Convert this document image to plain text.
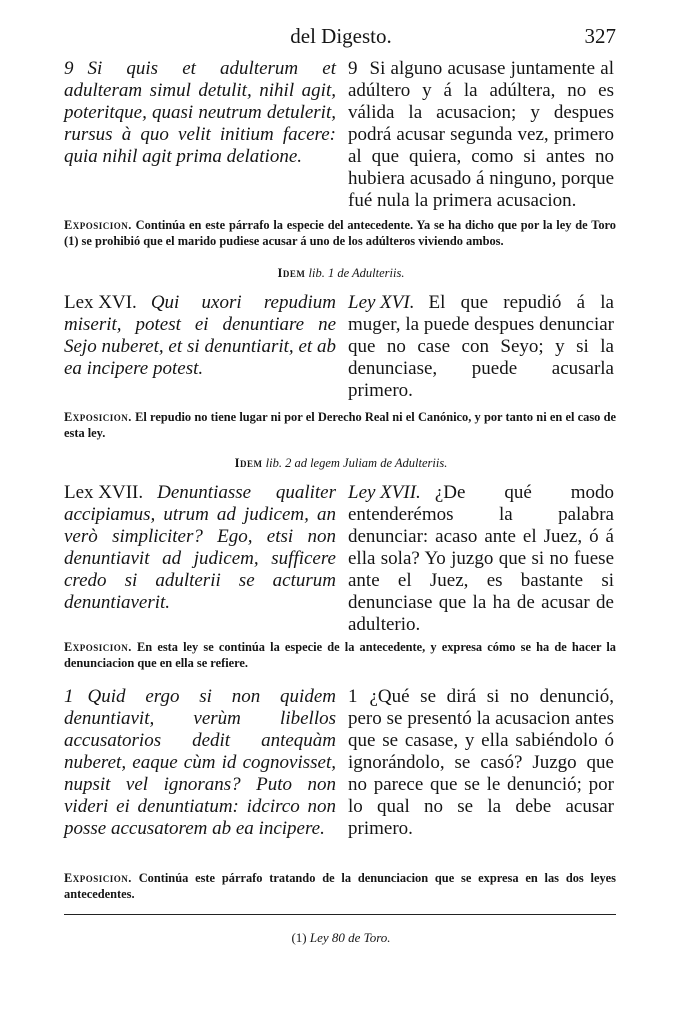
del Digesto.	327
9 Si quis et adulterum et adulteram simul detulit, nihil agit, poteritque, quasi neutrum detulerit, rursus à quo velit initium facere: quia nihil agit prima delatione.
9 Si alguno acusase juntamente al adúltero y á la adúltera, no es válida la acusacion; y despues podrá acusar segunda vez, primero al que quiera, como si antes no hubiera acusado á ninguno, porque fué nula la primera acusacion.
Exposicion. Continúa en este párrafo la especie del antecedente. Ya se ha dicho que por la ley de Toro (1) se prohibió que el marido pudiese acusar á uno de los adúlteros viviendo ambos.
Idem lib. 1 de Adulteriis.
Lex XVI. Qui uxori repudium miserit, potest ei denuntiare ne Sejo nuberet, et si denuntiarit, et ab ea incipere potest.
Ley XVI. El que repudió á la muger, la puede despues denunciar que no case con Seyo; y si la denunciase, puede acusarla primero.
Exposicion. El repudio no tiene lugar ni por el Derecho Real ni el Canónico, y por tanto ni en el caso de esta ley.
Idem lib. 2 ad legem Juliam de Adulteriis.
Lex XVII. Denuntiasse qualiter accipiamus, utrum ad judicem, an verò simpliciter? Ego, etsi non denuntiavit ad judicem, sufficere credo si adulterii se acturum denuntiaverit.
Ley XVII. ¿De qué modo entenderémos la palabra denunciar: acaso ante el Juez, ó á ella sola? Yo juzgo que si no fuese ante el Juez, es bastante si denunciase que la ha de acusar de adulterio.
Exposicion. En esta ley se continúa la especie de la antecedente, y expresa cómo se ha de hacer la denunciacion que en ella se refiere.
1 Quid ergo si non quidem denuntiavit, verùm libellos accusatorios dedit antequàm nuberet, eaque cùm id cognovisset, nupsit vel ignorans? Puto non videri ei denuntiatum: idcirco non posse accusatorem ab ea incipere.
1 ¿Qué se dirá si no denunció, pero se presentó la acusacion antes que se casase, y ella sabiéndolo ó ignorándolo, se casó? Juzgo que no parece que se le denunció; por lo qual no se la debe acusar primero.
Exposicion. Continúa este párrafo tratando de la denunciacion que se expresa en las dos leyes antecedentes.
(1) Ley 80 de Toro.
